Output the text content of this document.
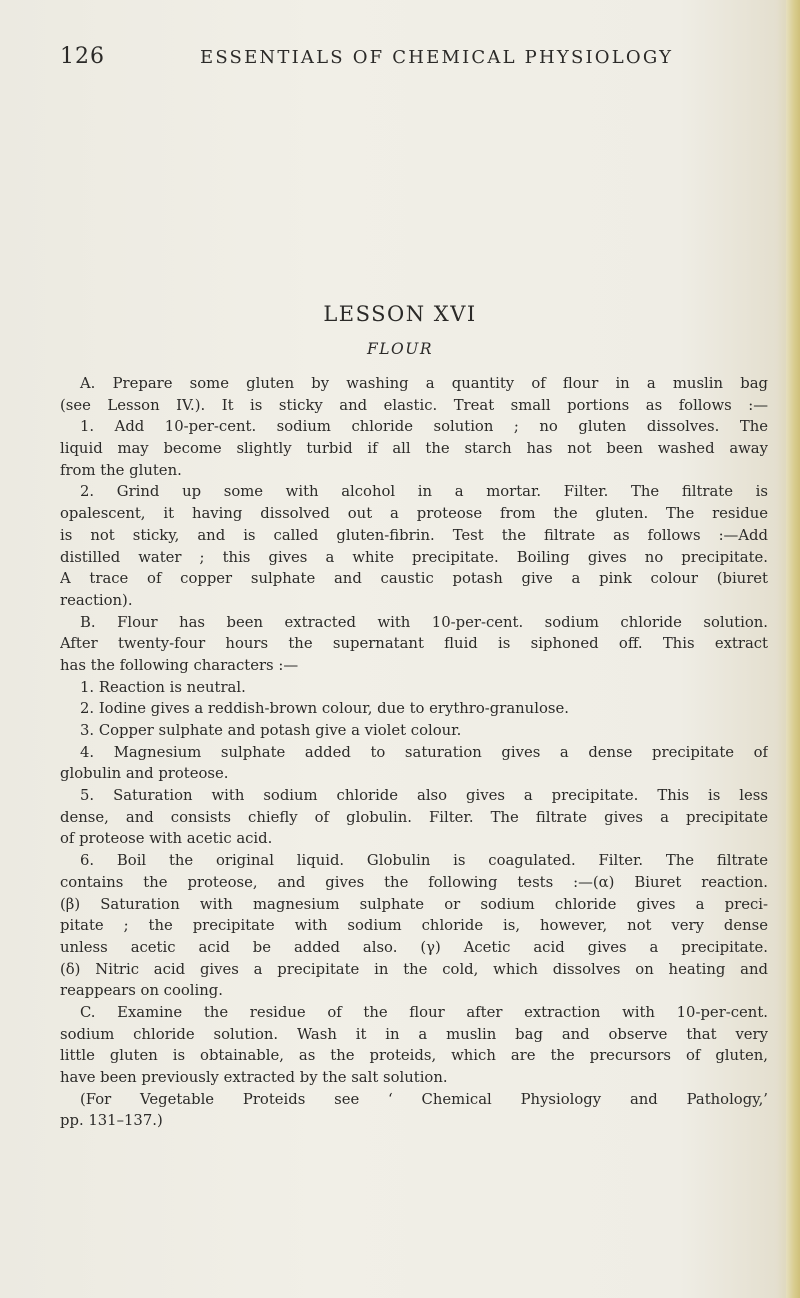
126	ESSENTIALS OF CHEMICAL PHYSIOLOGY
LESSON XVI
FLOUR
A. Prepare some gluten by washing a quantity of flour in a muslin bag
(see Lesson IV.). It is sticky and elastic. Treat small portions as follows :—
1. Add 10-per-cent. sodium chloride solution ; no gluten dissolves. The
liquid may become slightly turbid if all the starch has not been washed away
from the gluten.
2. Grind up some with alcohol in a mortar. Filter. The filtrate is
opalescent, it having dissolved out a proteose from the gluten. The residue
is not sticky, and is called gluten-fibrin. Test the filtrate as follows :—Add
distilled water ; this gives a white precipitate. Boiling gives no precipitate.
A trace of copper sulphate and caustic potash give a pink colour (biuret
reaction).
B. Flour has been extracted with 10-per-cent. sodium chloride solution.
After twenty-four hours the supernatant fluid is siphoned off. This extract
has the following characters :—
1. Reaction is neutral.
2. Iodine gives a reddish-brown colour, due to erythro-granulose.
3. Copper sulphate and potash give a violet colour.
4. Magnesium sulphate added to saturation gives a dense precipitate of
globulin and proteose.
5. Saturation with sodium chloride also gives a precipitate. This is less
dense, and consists chiefly of globulin. Filter. The filtrate gives a precipitate
of proteose with acetic acid.
6. Boil the original liquid. Globulin is coagulated. Filter. The filtrate
contains the proteose, and gives the following tests :—(α) Biuret reaction.
(β) Saturation with magnesium sulphate or sodium chloride gives a preci-
pitate ; the precipitate with sodium chloride is, however, not very dense
unless acetic acid be added also. (γ) Acetic acid gives a precipitate.
(δ) Nitric acid gives a precipitate in the cold, which dissolves on heating and
reappears on cooling.
C. Examine the residue of the flour after extraction with 10-per-cent.
sodium chloride solution. Wash it in a muslin bag and observe that very
little gluten is obtainable, as the proteids, which are the precursors of gluten,
have been previously extracted by the salt solution.
(For Vegetable Proteids see ‘ Chemical Physiology and Pathology,’
pp. 131–137.)
